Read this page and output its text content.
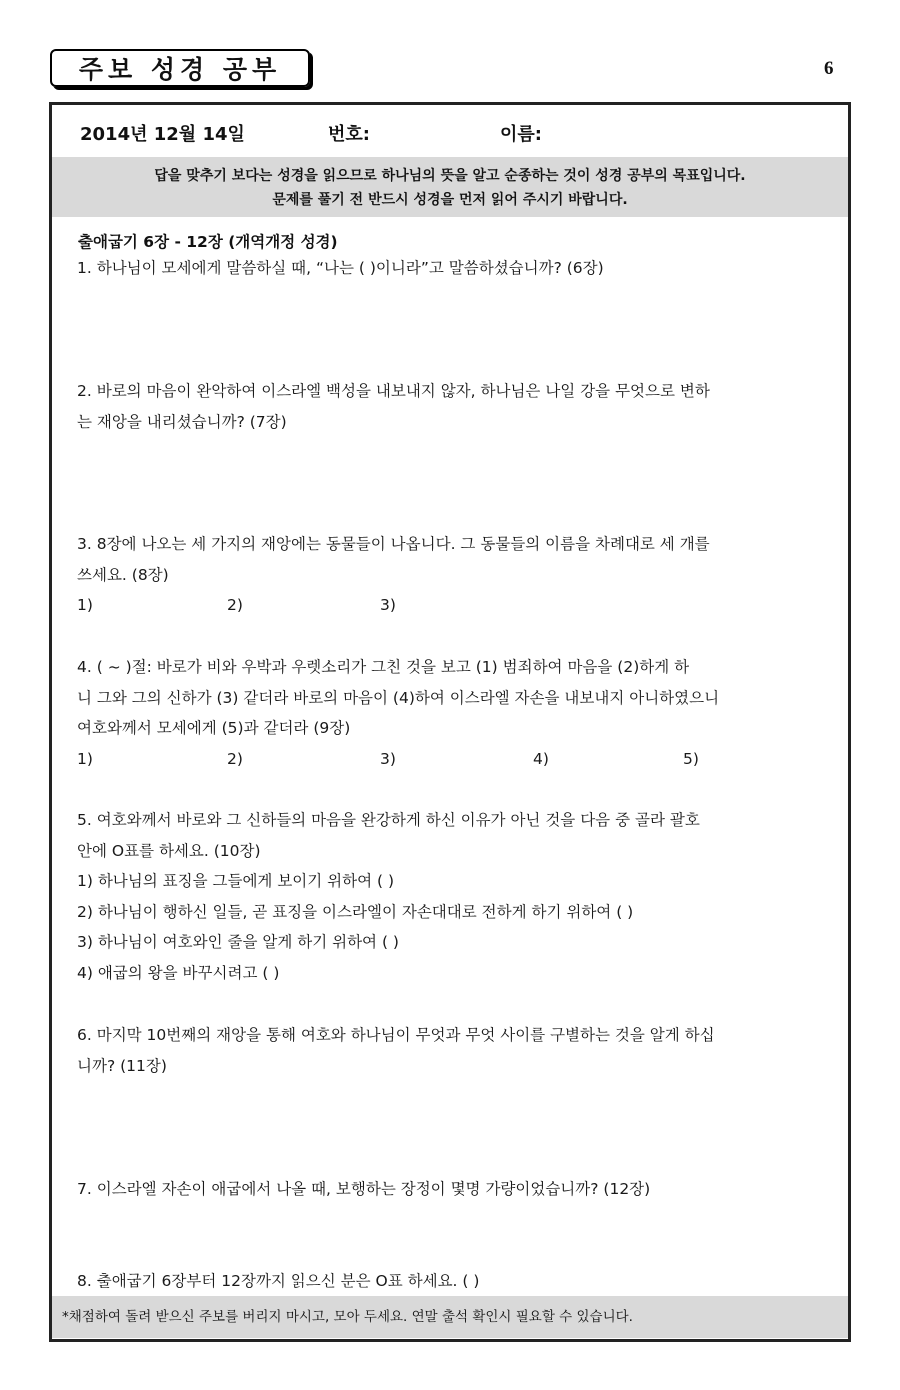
주보 성경 공부	6
2014년 12월 14일	번호:	이름:
답을 맞추기 보다는 성경을 읽으므로 하나님의 뜻을 알고 순종하는 것이 성경 공부의 목표입니다.
문제를 풀기 전 반드시 성경을 먼저 읽어 주시기 바랍니다.
출애굽기 6장 - 12장 (개역개정 성경)

1. 하나님이 모세에게 말씀하실 때, “나는 ( )이니라”고 말씀하셨습니까? (6장)

2. 바로의 마음이 완악하여 이스라엘 백성을 내보내지 않자, 하나님은 나일 강을 무엇으로 변하

는 재앙을 내리셨습니까? (7장)

3. 8장에 나오는 세 가지의 재앙에는 동물들이 나옵니다. 그 동물들의 이름을 차례대로 세 개를

쓰세요. (8장)

1)	2)	3)

4. ( ~ )절: 바로가 비와 우박과 우렛소리가 그친 것을 보고 (1) 범죄하여 마음을 (2)하게 하

니 그와 그의 신하가 (3) 같더라 바로의 마음이 (4)하여 이스라엘 자손을 내보내지 아니하였으니

여호와께서 모세에게 (5)과 같더라 (9장)

1)	2)	3)	4)	5)

5. 여호와께서 바로와 그 신하들의 마음을 완강하게 하신 이유가 아닌 것을 다음 중 골라 괄호

안에 O표를 하세요. (10장)

1) 하나님의 표징을 그들에게 보이기 위하여 ( )

2) 하나님이 행하신 일들, 곧 표징을 이스라엘이 자손대대로 전하게 하기 위하여 ( )

3) 하나님이 여호와인 줄을 알게 하기 위하여 ( )

4) 애굽의 왕을 바꾸시려고 ( )

6. 마지막 10번째의 재앙을 통해 여호와 하나님이 무엇과 무엇 사이를 구별하는 것을 알게 하십

니까? (11장)

7. 이스라엘 자손이 애굽에서 나올 때, 보행하는 장정이 몇명 가량이었습니까? (12장)

8. 출애굽기 6장부터 12장까지 읽으신 분은 O표 하세요. ( )

*채점하여 돌려 받으신 주보를 버리지 마시고, 모아 두세요. 연말 출석 확인시 필요할 수 있습니다.
